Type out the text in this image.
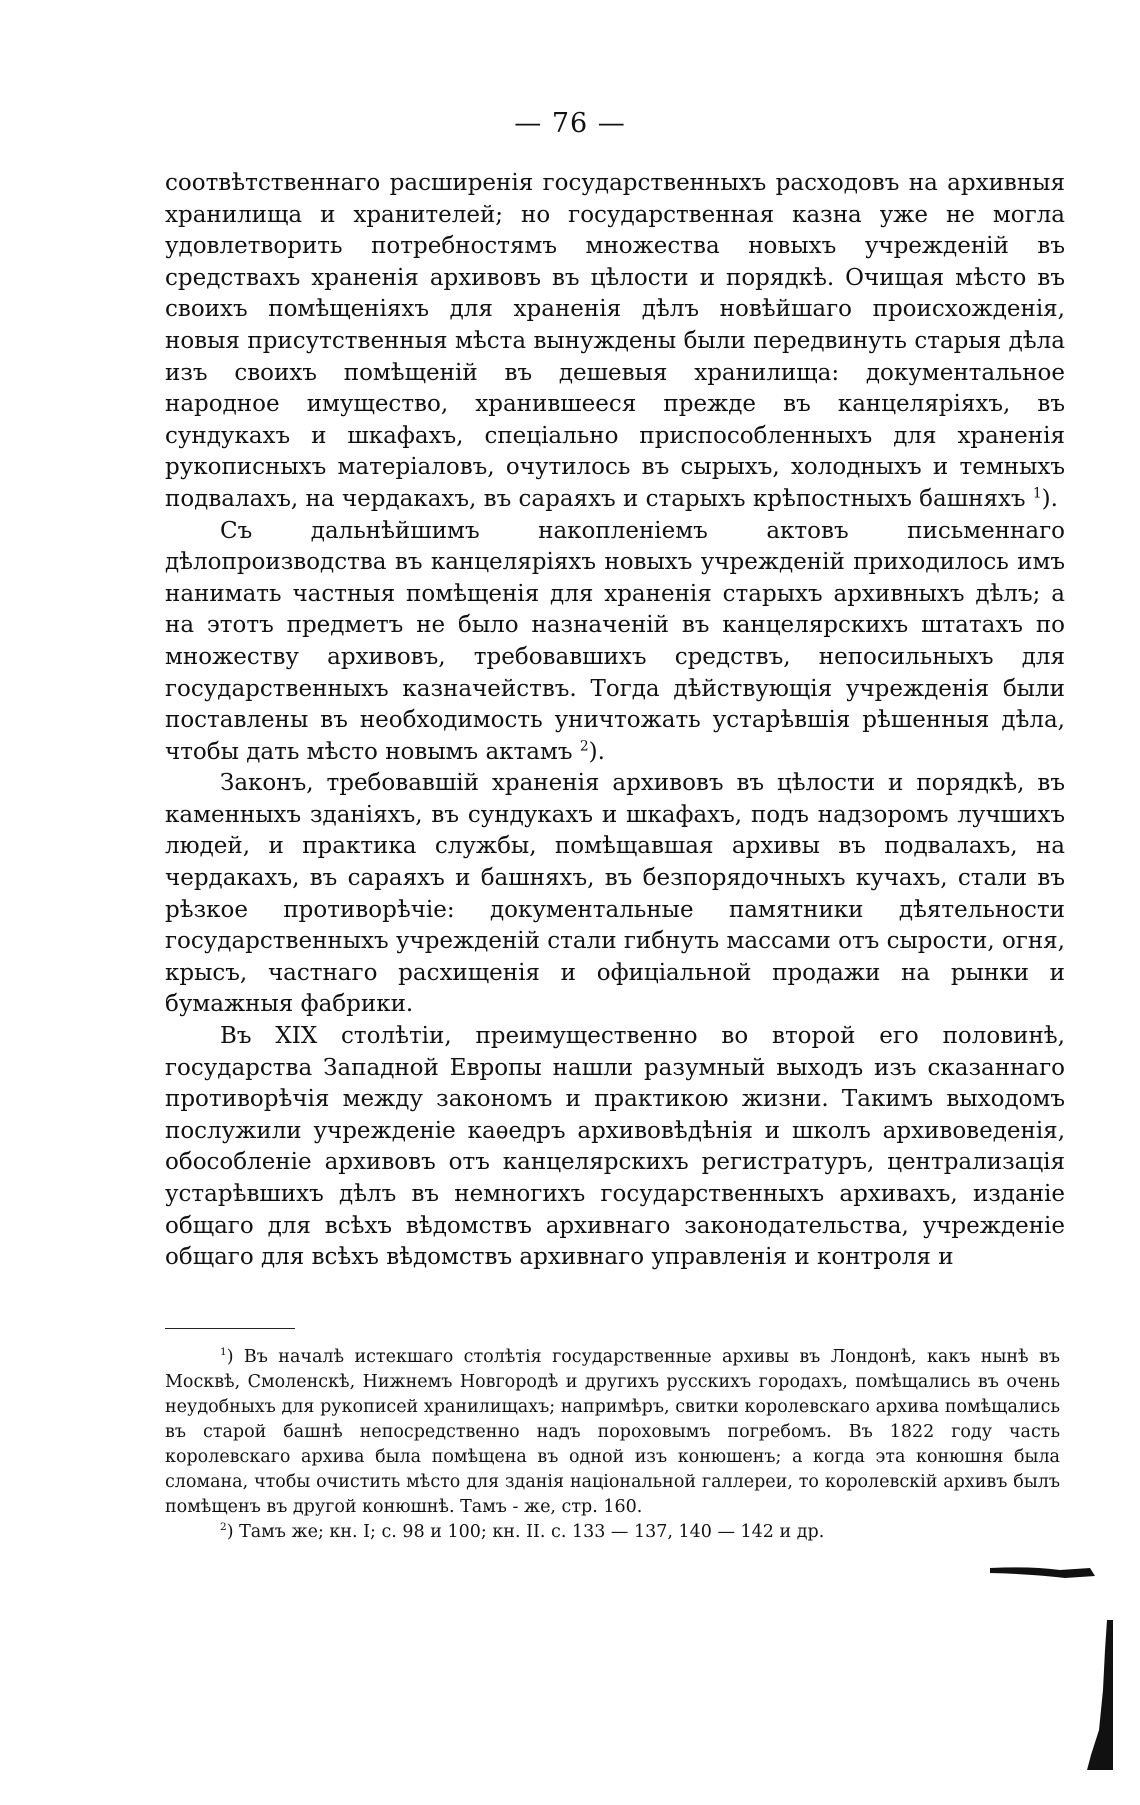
— 76 —

соотвѣтственнаго расширенія государственныхъ расходовъ на архивныя хранилища и хранителей; но государственная казна уже не могла удовлетворить потребностямъ множества новыхъ учрежденій въ средствахъ храненія архивовъ въ цѣлости и порядкѣ. Очищая мѣсто въ своихъ помѣщеніяхъ для храненія дѣлъ новѣйшаго происхожденія, новыя присутственныя мѣста вынуждены были передвинуть старыя дѣла изъ своихъ помѣщеній въ дешевыя хранилища: документальное народное имущество, хранившееся прежде въ канцеляріяхъ, въ сундукахъ и шкафахъ, спеціально приспособленныхъ для храненія рукописныхъ матеріаловъ, очутилось въ сырыхъ, холодныхъ и темныхъ подвалахъ, на чердакахъ, въ сараяхъ и старыхъ крѣпостныхъ башняхъ $^1$).

Съ дальнѣйшимъ накопленіемъ актовъ письменнаго дѣлопроизводства въ канцеляріяхъ новыхъ учрежденій приходилось имъ нанимать частныя помѣщенія для храненія старыхъ архивныхъ дѣлъ; а на этотъ предметъ не было назначеній въ канцелярскихъ штатахъ по множеству архивовъ, требовавшихъ средствъ, непосильныхъ для государственныхъ казначействъ. Тогда дѣйствующія учрежденія были поставлены въ необходимость уничтожать устарѣвшія рѣшенныя дѣла, чтобы дать мѣсто новымъ актамъ $^2$).

Законъ, требовавшій храненія архивовъ въ цѣлости и порядкѣ, въ каменныхъ зданіяхъ, въ сундукахъ и шкафахъ, подъ надзоромъ лучшихъ людей, и практика службы, помѣщавшая архивы въ подвалахъ, на чердакахъ, въ сараяхъ и башняхъ, въ безпорядочныхъ кучахъ, стали въ рѣзкое противорѣчіе: документальные памятники дѣятельности государственныхъ учрежденій стали гибнуть массами отъ сырости, огня, крысъ, частнаго расхищенія и офиціальной продажи на рынки и бумажныя фабрики.

Въ XIX столѣтіи, преимущественно во второй его половинѣ, государства Западной Европы нашли разумный выходъ изъ сказаннаго противорѣчія между закономъ и практикою жизни. Такимъ выходомъ послужили учрежденіе каѳедръ архивовѣдѣнія и школъ архивоведенія, обособленіе архивовъ отъ канцелярскихъ регистратуръ, централизація устарѣвшихъ дѣлъ въ немногихъ государственныхъ архивахъ, изданіе общаго для всѣхъ вѣдомствъ архивнаго законодательства, учрежденіе общаго для всѣхъ вѣдомствъ архивнаго управленія и контроля и

$^1$) Въ началѣ истекшаго столѣтія государственные архивы въ Лондонѣ, какъ нынѣ въ Москвѣ, Смоленскѣ, Нижнемъ Новгородѣ и другихъ русскихъ городахъ, помѣщались въ очень неудобныхъ для рукописей хранилищахъ; напримѣръ, свитки королевскаго архива помѣщались въ старой башнѣ непосредственно надъ пороховымъ погребомъ. Въ 1822 году часть королевскаго архива была помѣщена въ одной изъ конюшенъ; а когда эта конюшня была сломана, чтобы очистить мѣсто для зданія національной галлереи, то королевскій архивъ былъ помѣщенъ въ другой конюшнѣ. Тамъ - же, стр. 160.

$^2$) Тамъ же; кн. I; с. 98 и 100; кн. II. с. 133 — 137, 140 — 142 и др.
